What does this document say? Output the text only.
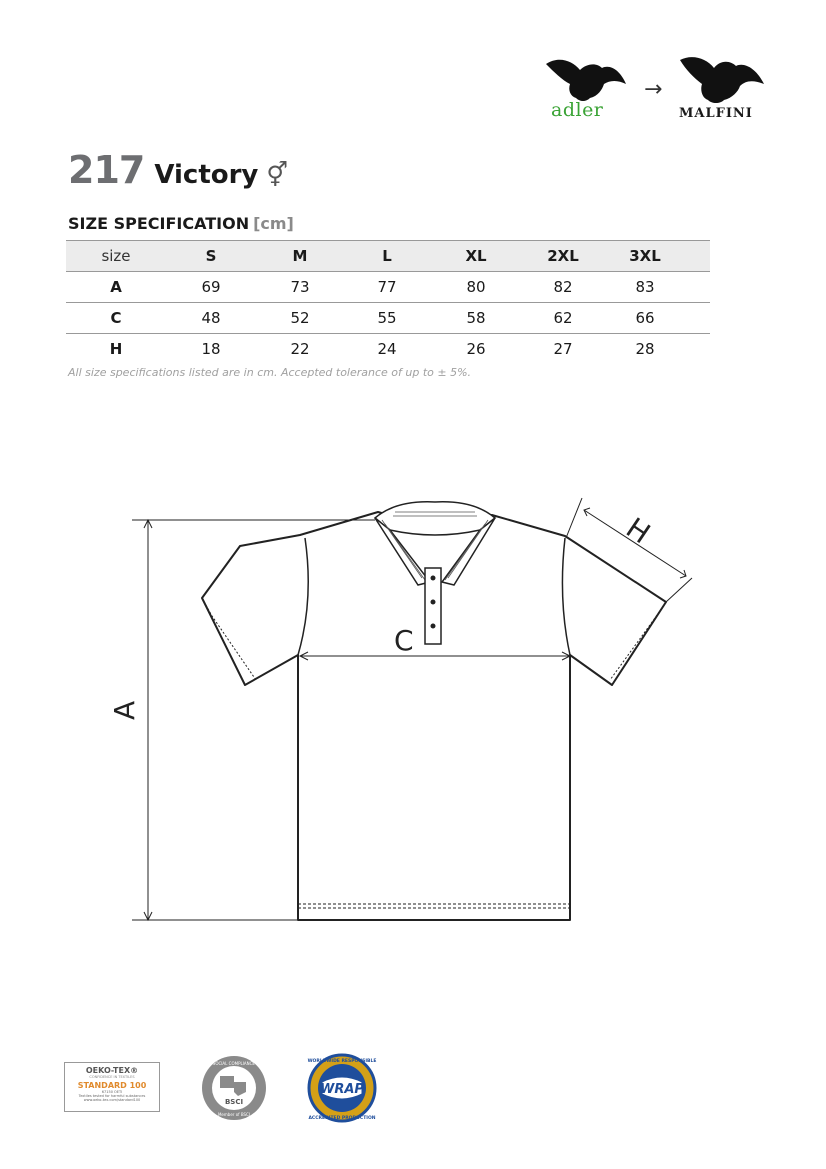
adler
→
MALFINI
217 Victory ⚥
SIZE SPECIFICATION [cm]
size	S	M	L	XL	2XL	3XL	
A	69	73	77	80	82	83	
C	48	52	55	58	62	66	
H	18	22	24	26	27	28	
All size specifications listed are in cm. Accepted tolerance of up to ± 5%.
A
C
H
OEKO-TEX®
CONFIDENCE IN TEXTILES
STANDARD 100
67150 OETI
Textiles tested for harmful substances
www.oeko-tex.com/standard100	BSCI
BUSINESS SOCIAL COMPLIANCE INITIATIVE
Member of BSCI
WRAP
WORLDWIDE RESPONSIBLE
ACCREDITED PRODUCTION
